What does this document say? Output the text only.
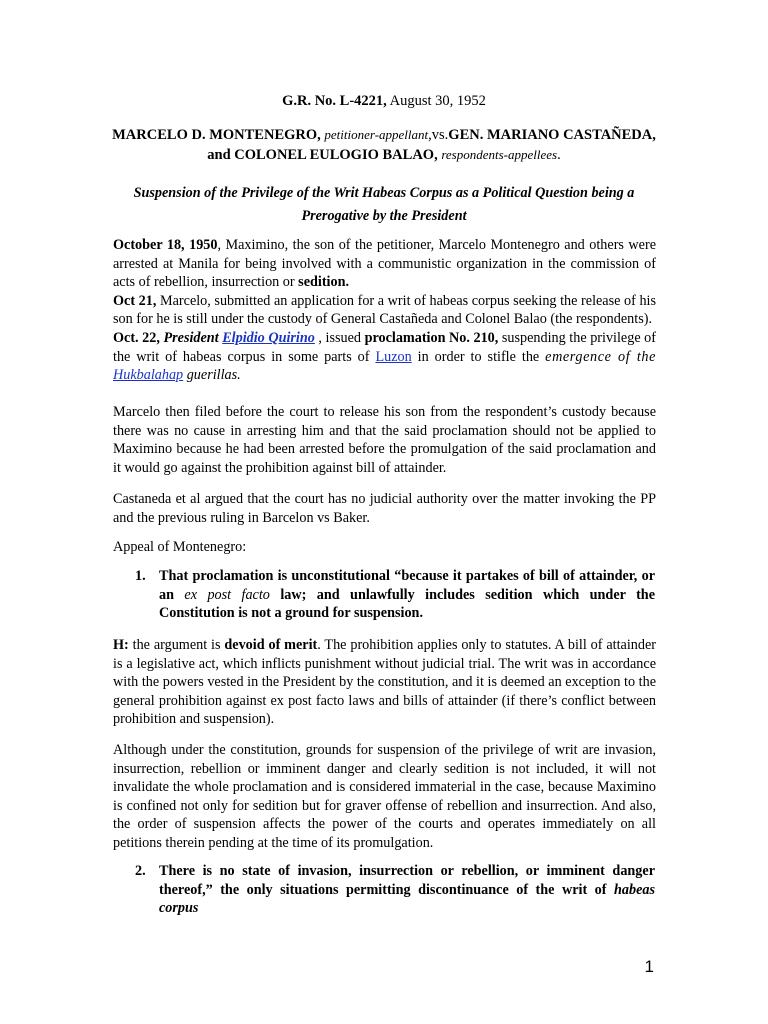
G.R. No. L-4221, August 30, 1952
MARCELO D. MONTENEGRO, petitioner-appellant,vs.GEN. MARIANO CASTAÑEDA,
and COLONEL EULOGIO BALAO, respondents-appellees.
Suspension of the Privilege of the Writ Habeas Corpus as a Political Question being a
Prerogative by the President

October 18, 1950, Maximino, the son of the petitioner, Marcelo Montenegro and others were arrested at Manila for being involved with a communistic organization in the commission of acts of rebellion, insurrection or sedition.

Oct 21, Marcelo, submitted an application for a writ of habeas corpus seeking the release of his son for he is still under the custody of General Castañeda and Colonel Balao (the respondents).

Oct. 22, President Elpidio Quirino , issued proclamation No. 210, suspending the privilege of the writ of habeas corpus in some parts of Luzon in order to stifle the emergence of the Hukbalahap guerillas.

Marcelo then filed before the court to release his son from the respondent’s custody because there was no cause in arresting him and that the said proclamation should not be applied to Maximino because he had been arrested before the promulgation of the said proclamation and it would go against the prohibition against bill of attainder.

Castaneda et al argued that the court has no judicial authority over the matter invoking the PP and the previous ruling in Barcelon vs Baker.

Appeal of Montenegro:

1. That proclamation is unconstitutional “because it partakes of bill of attainder, or an ex post facto law; and unlawfully includes sedition which under the Constitution is not a ground for suspension.

H: the argument is devoid of merit. The prohibition applies only to statutes. A bill of attainder is a legislative act, which inflicts punishment without judicial trial. The writ was in accordance with the powers vested in the President by the constitution, and it is deemed an exception to the general prohibition against ex post facto laws and bills of attainder (if there’s conflict between prohibition and suspension).

Although under the constitution, grounds for suspension of the privilege of writ are invasion, insurrection, rebellion or imminent danger and clearly sedition is not included, it will not invalidate the whole proclamation and is considered immaterial in the case, because Maximino is confined not only for sedition but for graver offense of rebellion and insurrection. And also, the order of suspension affects the power of the courts and operates immediately on all petitions therein pending at the time of its promulgation.

2. There is no state of invasion, insurrection or rebellion, or imminent danger thereof,” the only situations permitting discontinuance of the writ of habeas corpus

1
